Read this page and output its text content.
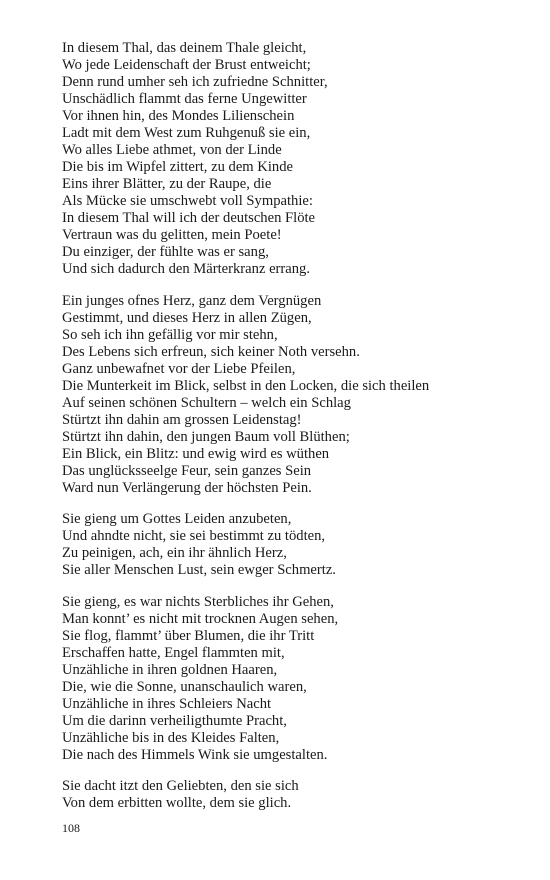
In diesem Thal, das deinem Thale gleicht,
Wo jede Leidenschaft der Brust entweicht;
Denn rund umher seh ich zufriedne Schnitter,
Unschädlich flammt das ferne Ungewitter
Vor ihnen hin, des Mondes Lilienschein
Ladt mit dem West zum Ruhgenuß sie ein,
Wo alles Liebe athmet, von der Linde
Die bis im Wipfel zittert, zu dem Kinde
Eins ihrer Blätter, zu der Raupe, die
Als Mücke sie umschwebt voll Sympathie:
In diesem Thal will ich der deutschen Flöte
Vertraun was du gelitten, mein Poete!
Du einziger, der fühlte was er sang,
Und sich dadurch den Märterkranz errang.
Ein junges ofnes Herz, ganz dem Vergnügen
Gestimmt, und dieses Herz in allen Zügen,
So seh ich ihn gefällig vor mir stehn,
Des Lebens sich erfreun, sich keiner Noth versehn.
Ganz unbewafnet vor der Liebe Pfeilen,
Die Munterkeit im Blick, selbst in den Locken, die sich theilen
Auf seinen schönen Schultern – welch ein Schlag
Stürtzt ihn dahin am grossen Leidenstag!
Stürtzt ihn dahin, den jungen Baum voll Blüthen;
Ein Blick, ein Blitz: und ewig wird es wüthen
Das unglücksseelge Feur, sein ganzes Sein
Ward nun Verlängerung der höchsten Pein.
Sie gieng um Gottes Leiden anzubeten,
Und ahndte nicht, sie sei bestimmt zu tödten,
Zu peinigen, ach, ein ihr ähnlich Herz,
Sie aller Menschen Lust, sein ewger Schmertz.
Sie gieng, es war nichts Sterbliches ihr Gehen,
Man konnt’ es nicht mit trocknen Augen sehen,
Sie flog, flammt’ über Blumen, die ihr Tritt
Erschaffen hatte, Engel flammten mit,
Unzähliche in ihren goldnen Haaren,
Die, wie die Sonne, unanschaulich waren,
Unzähliche in ihres Schleiers Nacht
Um die darinn verheiligthumte Pracht,
Unzähliche bis in des Kleides Falten,
Die nach des Himmels Wink sie umgestalten.
Sie dacht itzt den Geliebten, den sie sich
Von dem erbitten wollte, dem sie glich.
108
